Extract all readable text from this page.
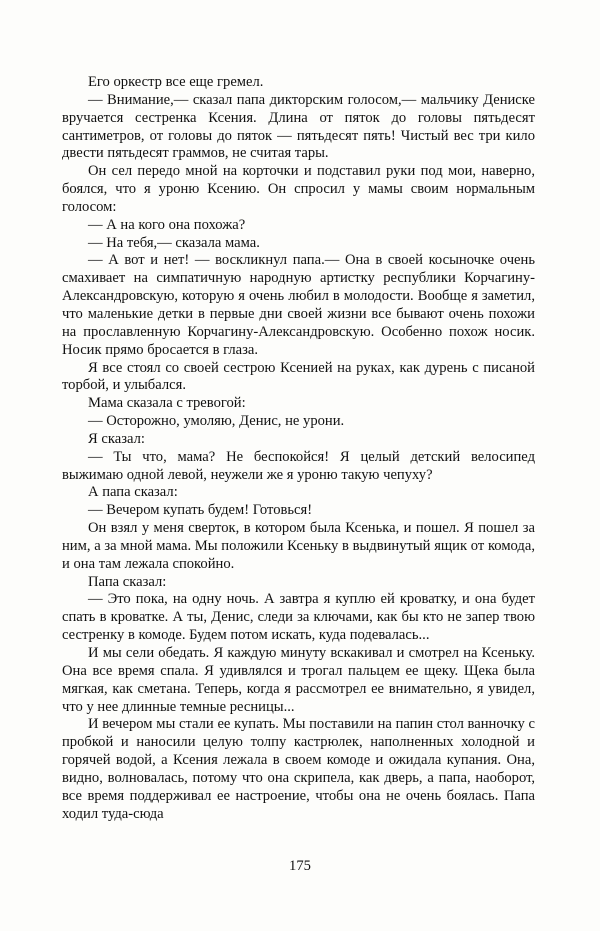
Его оркестр все еще гремел.

— Внимание,— сказал папа дикторским голосом,— мальчику Дениске вручается сестренка Ксения. Длина от пяток до головы пятьдесят сантиметров, от головы до пяток — пятьдесят пять! Чистый вес три кило двести пятьдесят граммов, не считая тары.

Он сел передо мной на корточки и подставил руки под мои, наверно, боялся, что я уроню Ксению. Он спросил у мамы своим нормальным голосом:

— А на кого она похожа?

— На тебя,— сказала мама.

— А вот и нет! — воскликнул папа.— Она в своей косыночке очень смахивает на симпатичную народную артистку республики Корчагину-Александровскую, которую я очень любил в молодости. Вообще я заметил, что маленькие детки в первые дни своей жизни все бывают очень похожи на прославленную Корчагину-Александровскую. Особенно похож носик. Носик прямо бросается в глаза.

Я все стоял со своей сестрою Ксенией на руках, как дурень с писаной торбой, и улыбался.

Мама сказала с тревогой:

— Осторожно, умоляю, Денис, не урони.

Я сказал:

— Ты что, мама? Не беспокойся! Я целый детский велосипед выжимаю одной левой, неужели же я уроню такую чепуху?

А папа сказал:

— Вечером купать будем! Готовься!

Он взял у меня сверток, в котором была Ксенька, и пошел. Я пошел за ним, а за мной мама. Мы положили Ксеньку в выдвинутый ящик от комода, и она там лежала спокойно.

Папа сказал:

— Это пока, на одну ночь. А завтра я куплю ей кроватку, и она будет спать в кроватке. А ты, Денис, следи за ключами, как бы кто не запер твою сестренку в комоде. Будем потом искать, куда подевалась...

И мы сели обедать. Я каждую минуту вскакивал и смотрел на Ксеньку. Она все время спала. Я удивлялся и трогал пальцем ее щеку. Щека была мягкая, как сметана. Теперь, когда я рассмотрел ее внимательно, я увидел, что у нее длинные темные ресницы...

И вечером мы стали ее купать. Мы поставили на папин стол ванночку с пробкой и наносили целую толпу кастрюлек, наполненных холодной и горячей водой, а Ксения лежала в своем комоде и ожидала купания. Она, видно, волновалась, потому что она скрипела, как дверь, а папа, наоборот, все время поддерживал ее настроение, чтобы она не очень боялась. Папа ходил туда-сюда

175
